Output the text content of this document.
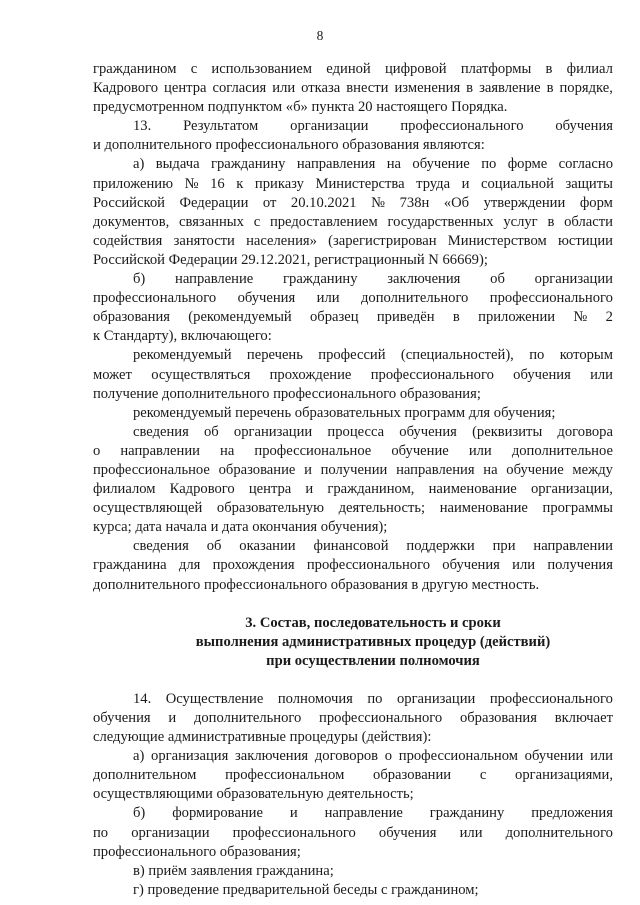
8
гражданином с использованием единой цифровой платформы в филиал
Кадрового центра согласия или отказа внести изменения в заявление в порядке,
предусмотренном подпунктом «б» пункта 20 настоящего Порядка.
13. Результатом организации профессионального обучения
и дополнительного профессионального образования являются:
а) выдача гражданину направления на обучение по форме согласно
приложению № 16 к приказу Министерства труда и социальной защиты
Российской Федерации от 20.10.2021 № 738н «Об утверждении форм
документов, связанных с предоставлением государственных услуг в области
содействия занятости населения» (зарегистрирован Министерством юстиции
Российской Федерации 29.12.2021, регистрационный N 66669);
б) направление гражданину заключения об организации
профессионального обучения или дополнительного профессионального
образования (рекомендуемый образец приведён в приложении № 2
к Стандарту), включающего:
рекомендуемый перечень профессий (специальностей), по которым
может осуществляться прохождение профессионального обучения или
получение дополнительного профессионального образования;
рекомендуемый перечень образовательных программ для обучения;
сведения об организации процесса обучения (реквизиты договора
о направлении на профессиональное обучение или дополнительное
профессиональное образование и получении направления на обучение между
филиалом Кадрового центра и гражданином, наименование организации,
осуществляющей образовательную деятельность; наименование программы
курса; дата начала и дата окончания обучения);
сведения об оказании финансовой поддержки при направлении
гражданина для прохождения профессионального обучения или получения
дополнительного профессионального образования в другую местность.
3. Состав, последовательность и сроки
выполнения административных процедур (действий)
при осуществлении полномочия
14. Осуществление полномочия по организации профессионального
обучения и дополнительного профессионального образования включает
следующие административные процедуры (действия):
а) организация заключения договоров о профессиональном обучении или
дополнительном профессиональном образовании с организациями,
осуществляющими образовательную деятельность;
б) формирование и направление гражданину предложения
по организации профессионального обучения или дополнительного
профессионального образования;
в) приём заявления гражданина;
г) проведение предварительной беседы с гражданином;
